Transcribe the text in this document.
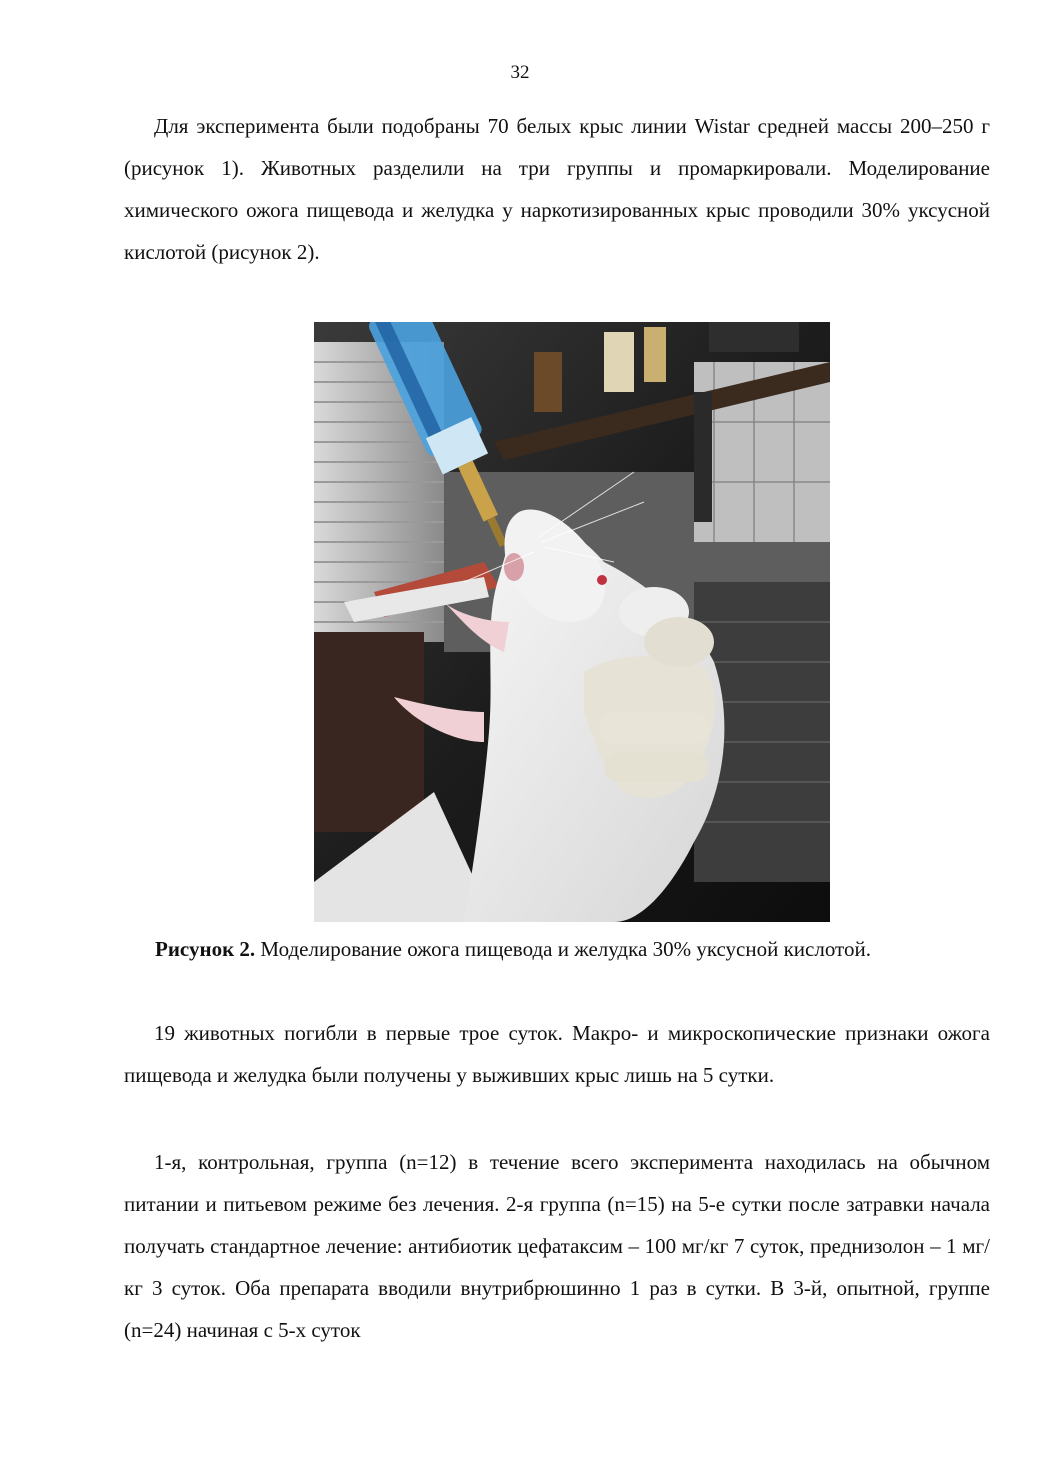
32

Для эксперимента были подобраны 70 белых крыс линии Wistar средней массы 200–250 г (рисунок 1). Животных разделили на три группы и промаркировали. Моделирование химического ожога пищевода и желудка у наркотизированных крыс проводили 30% уксусной кислотой (рисунок 2).

Рисунок 2. Моделирование ожога пищевода и желудка 30% уксусной кислотой.

19 животных погибли в первые трое суток. Макро- и микроскопические признаки ожога пищевода и желудка были получены у выживших крыс лишь на 5 сутки.

1-я, контрольная, группа (n=12) в течение всего эксперимента находилась на обычном питании и питьевом режиме без лечения. 2-я группа (n=15) на 5-е сутки после затравки начала получать стандартное лечение: антибиотик цефатаксим – 100 мг/кг 7 суток, преднизолон – 1 мг/кг 3 суток. Оба препарата вводили внутрибрюшинно 1 раз в сутки. В 3-й, опытной, группе (n=24) начиная с 5-х суток
